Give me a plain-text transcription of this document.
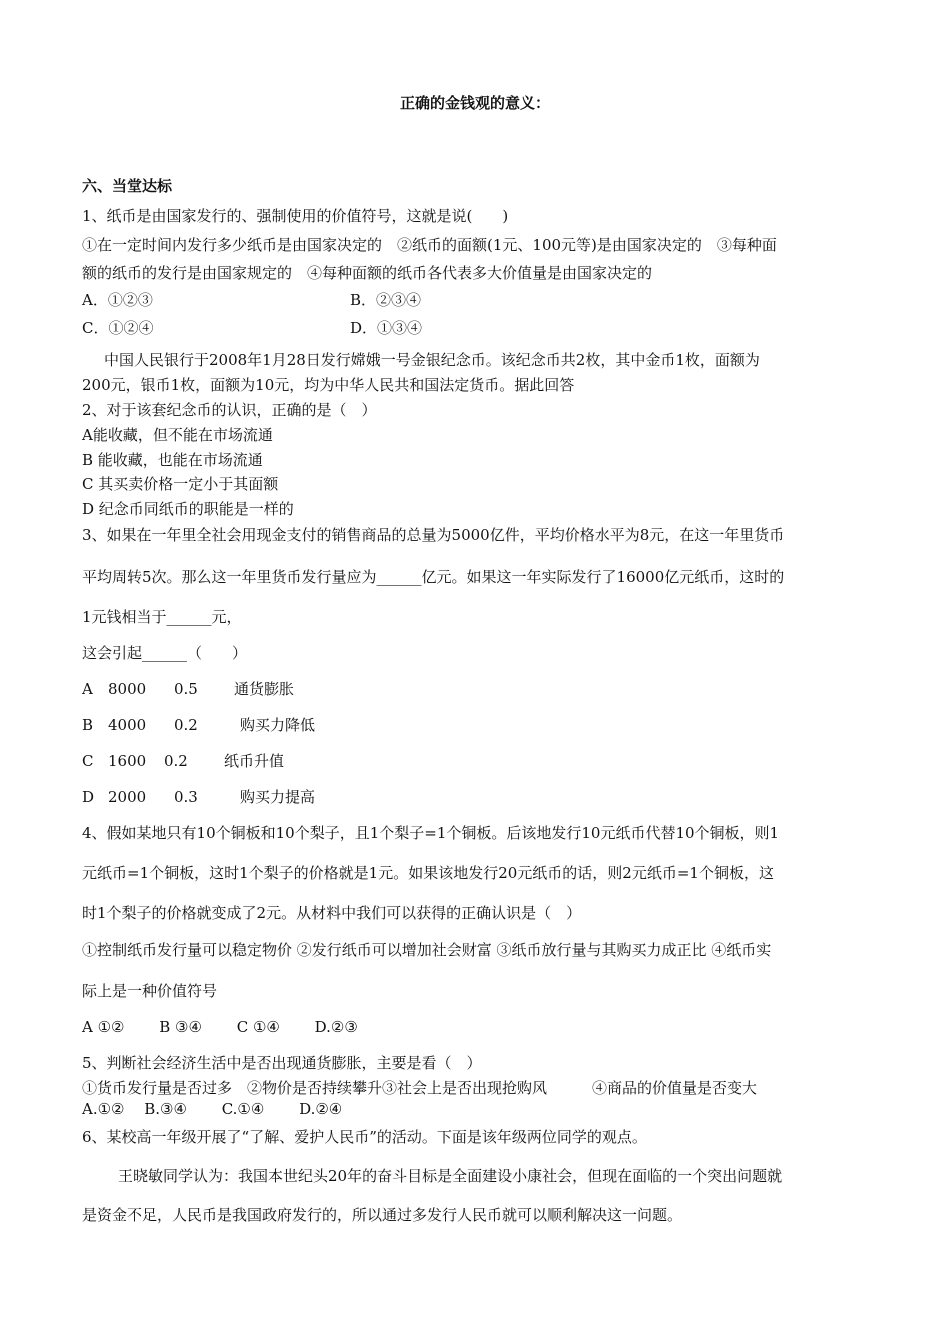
正确的金钱观的意义：
六、当堂达标
1、纸币是由国家发行的、强制使用的价值符号，这就是说(　　)
①在一定时间内发行多少纸币是由国家决定的　②纸币的面额(1元、100元等)是由国家决定的　③每种面
额的纸币的发行是由国家规定的　④每种面额的纸币各代表多大价值量是由国家决定的
A．①②③	B．②③④
C．①②④	D．①③④
中国人民银行于2008年1月28日发行嫦娥一号金银纪念币。该纪念币共2枚，其中金币1枚，面额为
200元，银币1枚，面额为10元，均为中华人民共和国法定货币。据此回答
2、对于该套纪念币的认识，正确的是（　）
A能收藏，但不能在市场流通
B 能收藏，也能在市场流通
C 其买卖价格一定小于其面额
D 纪念币同纸币的职能是一样的
3、如果在一年里全社会用现金支付的销售商品的总量为5000亿件，平均价格水平为8元，在这一年里货币
平均周转5次。那么这一年里货币发行量应为______亿元。如果这一年实际发行了16000亿元纸币，这时的
1元钱相当于______元，
这会引起______（　　）
A 8000 0.5 通货膨胀
B 4000 0.2	购买力降低
C 1600 0.2 纸币升值
D 2000 0.3	购买力提高
4、假如某地只有10个铜板和10个梨子，且1个梨子=1个铜板。后该地发行10元纸币代替10个铜板，则1
元纸币=1个铜板，这时1个梨子的价格就是1元。如果该地发行20元纸币的话，则2元纸币=1个铜板，这
时1个梨子的价格就变成了2元。从材料中我们可以获得的正确认识是（　）
①控制纸币发行量可以稳定物价 ②发行纸币可以增加社会财富 ③纸币放行量与其购买力成正比 ④纸币实
际上是一种价值符号
A ①②　　 B ③④　　 C ①④　　 D.②③
5、判断社会经济生活中是否出现通货膨胀，主要是看（　）
①货币发行量是否过多　②物价是否持续攀升③社会上是否出现抢购风　　　④商品的价值量是否变大
A.①②　 B.③④　　 C.①④　　 D.②④
6、某校高一年级开展了“了解、爱护人民币”的活动。下面是该年级两位同学的观点。
王晓敏同学认为：我国本世纪头20年的奋斗目标是全面建设小康社会，但现在面临的一个突出问题就
是资金不足，人民币是我国政府发行的，所以通过多发行人民币就可以顺利解决这一问题。
